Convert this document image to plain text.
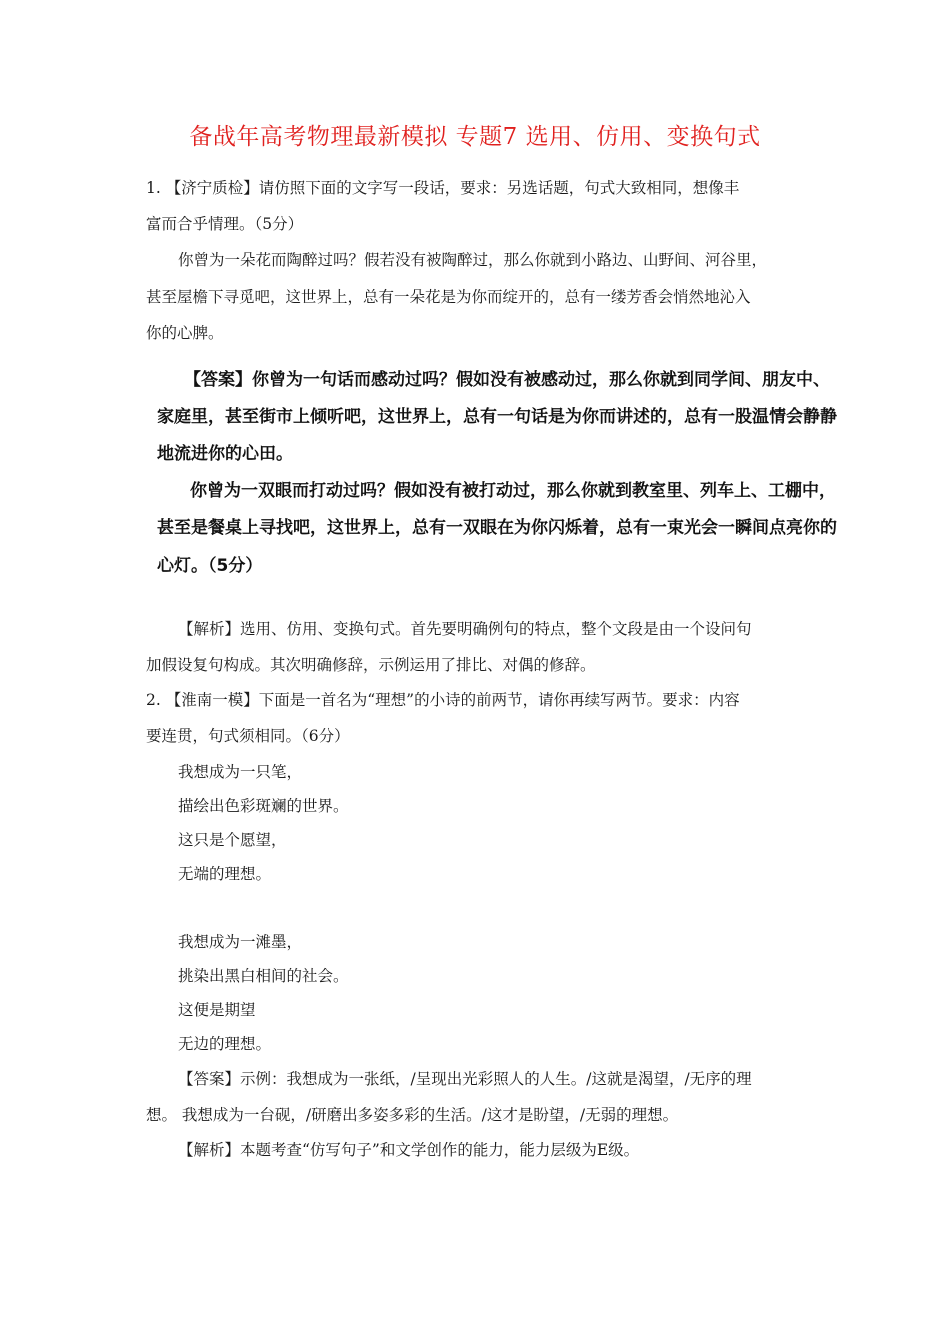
备战年高考物理最新模拟 专题7 选用、仿用、变换句式
1. 【济宁质检】请仿照下面的文字写一段话，要求：另选话题，句式大致相同，想像丰
富而合乎情理。（5分）
你曾为一朵花而陶醉过吗？假若没有被陶醉过，那么你就到小路边、山野间、河谷里，
甚至屋檐下寻觅吧，这世界上，总有一朵花是为你而绽开的，总有一缕芳香会悄然地沁入
你的心脾。
【答案】你曾为一句话而感动过吗？假如没有被感动过，那么你就到同学间、朋友中、
家庭里，甚至街市上倾听吧，这世界上，总有一句话是为你而讲述的，总有一股温情会静静
地流进你的心田。
你曾为一双眼而打动过吗？假如没有被打动过，那么你就到教室里、列车上、工棚中，
甚至是餐桌上寻找吧，这世界上，总有一双眼在为你闪烁着，总有一束光会一瞬间点亮你的
心灯。（5分）
【解析】选用、仿用、变换句式。首先要明确例句的特点，整个文段是由一个设问句
加假设复句构成。其次明确修辞，示例运用了排比、对偶的修辞。
2. 【淮南一模】下面是一首名为“理想”的小诗的前两节，请你再续写两节。要求：内容
要连贯，句式须相同。（6分）
我想成为一只笔，
描绘出色彩斑斓的世界。
这只是个愿望，
无端的理想。
我想成为一滩墨，
挑染出黑白相间的社会。
这便是期望
无边的理想。
【答案】示例：我想成为一张纸，/呈现出光彩照人的人生。/这就是渴望，/无序的理
想。 我想成为一台砚，/研磨出多姿多彩的生活。/这才是盼望，/无弱的理想。
【解析】本题考查“仿写句子”和文学创作的能力，能力层级为E级。
